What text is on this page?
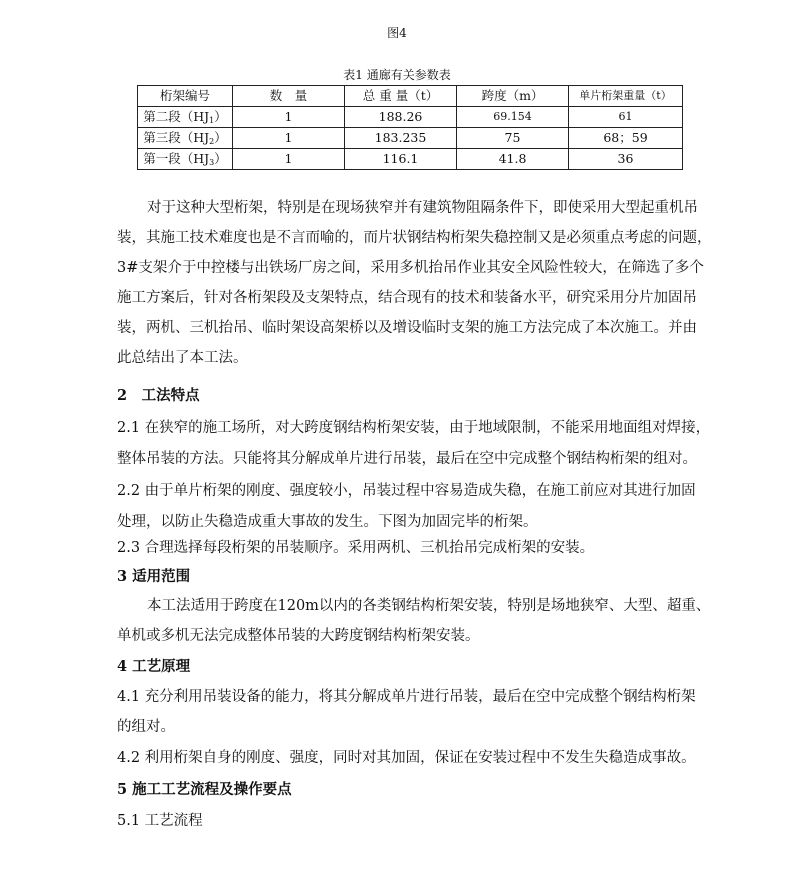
图4
表1 通廊有关参数表
桁架编号	数　量	总 重 量（t）	跨度（m）	单片桁架重量（t）
第二段$(HJ_1)$	1	188.26	69.154	61
第三段$(HJ_2)$	1	183.235	75	68；59
第一段$(HJ_3)$	1	116.1	41.8	36
对于这种大型桁架，特别是在现场狭窄并有建筑物阻隔条件下，即使采用大型起重机吊
装，其施工技术难度也是不言而喻的，而片状钢结构桁架失稳控制又是必须重点考虑的问题，
3#支架介于中控楼与出铁场厂房之间，采用多机抬吊作业其安全风险性较大，在筛选了多个
施工方案后，针对各桁架段及支架特点，结合现有的技术和装备水平，研究采用分片加固吊
装，两机、三机抬吊、临时架设高架桥以及增设临时支架的施工方法完成了本次施工。并由
此总结出了本工法。
2　工法特点
2.1 在狭窄的施工场所，对大跨度钢结构桁架安装，由于地域限制，不能采用地面组对焊接，
整体吊装的方法。只能将其分解成单片进行吊装，最后在空中完成整个钢结构桁架的组对。
2.2 由于单片桁架的刚度、强度较小，吊装过程中容易造成失稳，在施工前应对其进行加固
处理，以防止失稳造成重大事故的发生。下图为加固完毕的桁架。
2.3 合理选择每段桁架的吊装顺序。采用两机、三机抬吊完成桁架的安装。
3 适用范围
本工法适用于跨度在120m以内的各类钢结构桁架安装，特别是场地狭窄、大型、超重、
单机或多机无法完成整体吊装的大跨度钢结构桁架安装。
4 工艺原理
4.1 充分利用吊装设备的能力，将其分解成单片进行吊装，最后在空中完成整个钢结构桁架
的组对。
4.2 利用桁架自身的刚度、强度，同时对其加固，保证在安装过程中不发生失稳造成事故。
5 施工工艺流程及操作要点
5.1 工艺流程
